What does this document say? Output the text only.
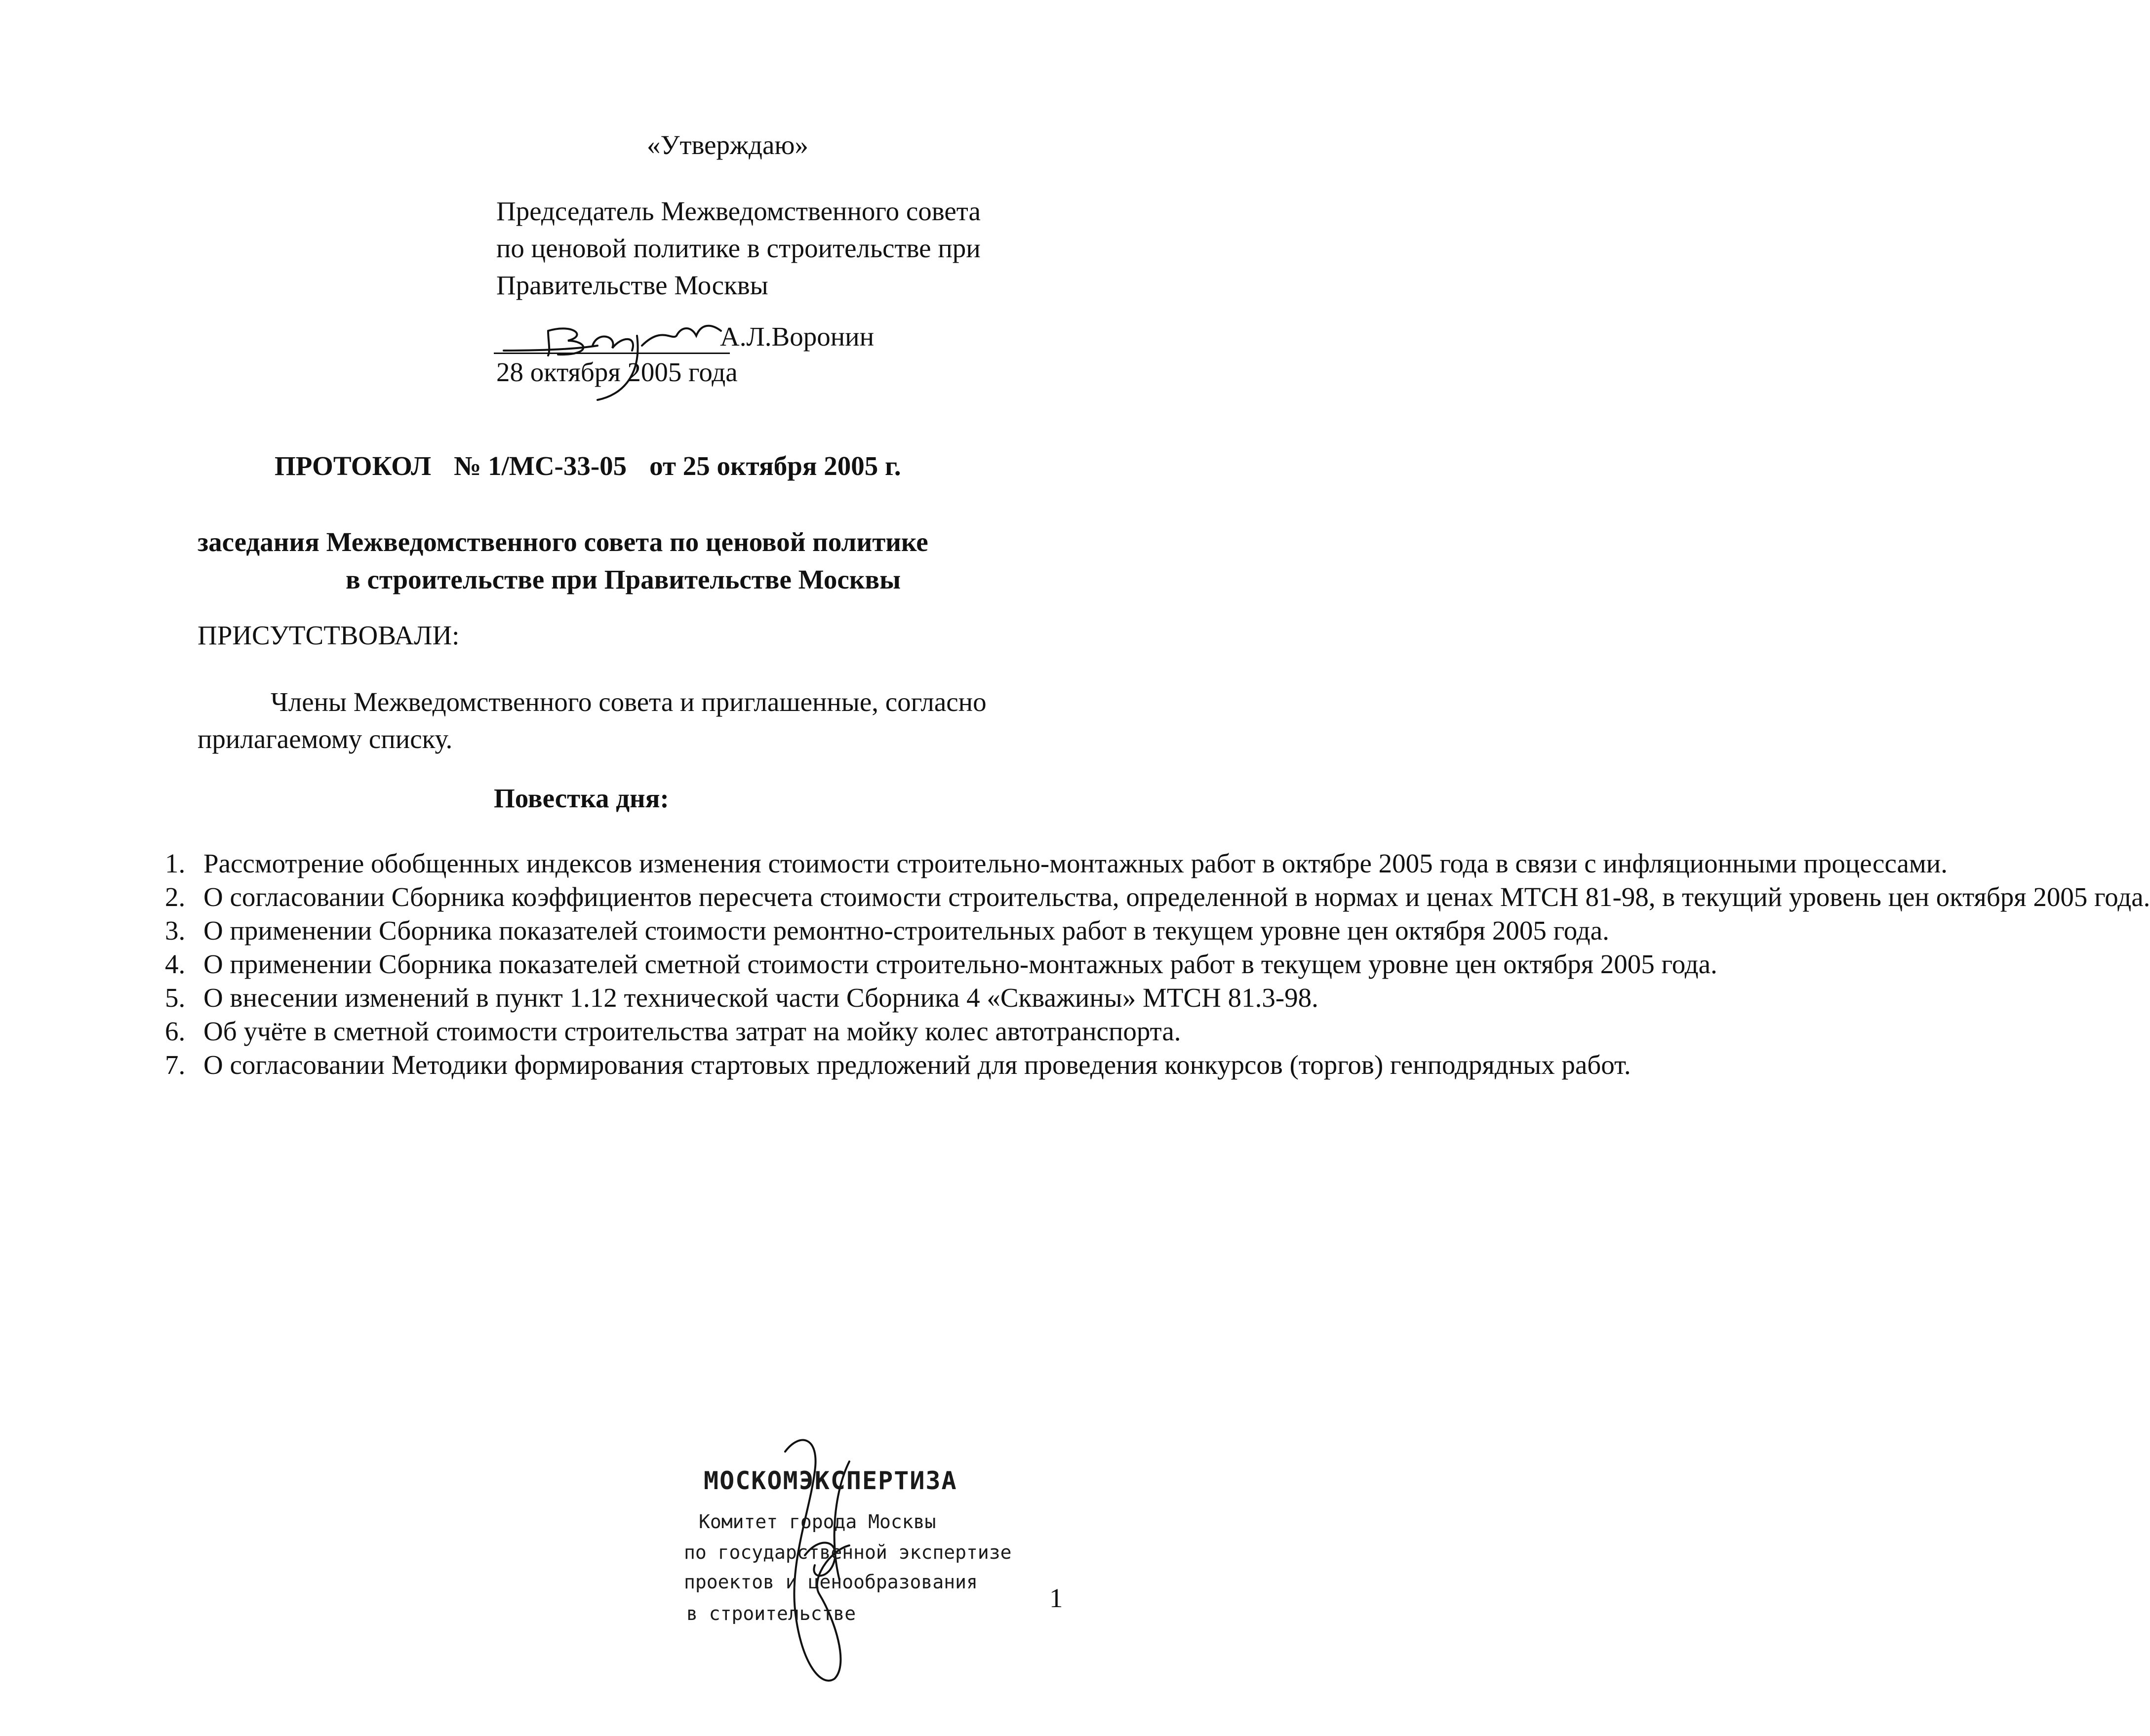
«Утверждаю»
Председатель Межведомственного совета
по ценовой политике в строительстве при
Правительстве Москвы
А.Л.Воронин
28 октября 2005 года
ПРОТОКОЛ № 1/МС-33-05 от 25 октября 2005 г.
заседания Межведомственного совета по ценовой политике
в строительстве при Правительстве Москвы
ПРИСУТСТВОВАЛИ:
Члены Межведомственного совета и приглашенные, согласно прилагаемому списку.
Повестка дня:
1. Рассмотрение обобщенных индексов изменения стоимости строительно-монтажных работ в октябре 2005 года в связи с инфляционными процессами.
2. О согласовании Сборника коэффициентов пересчета стоимости строительства, определенной в нормах и ценах МТСН 81-98, в текущий уровень цен октября 2005 года.
3. О применении Сборника показателей стоимости ремонтно-строительных работ в текущем уровне цен октября 2005 года.
4. О применении Сборника показателей сметной стоимости строительно-монтажных работ в текущем уровне цен октября 2005 года.
5. О внесении изменений в пункт 1.12 технической части Сборника 4 «Скважины» МТСН 81.3-98.
6. Об учёте в сметной стоимости строительства затрат на мойку колес автотранспорта.
7. О согласовании Методики формирования стартовых предложений для проведения конкурсов (торгов) генподрядных работ.
МОСКОМЭКСПЕРТИЗА
Комитет города Москвы
по государственной экспертизе
проектов и ценообразования
в строительстве
1
